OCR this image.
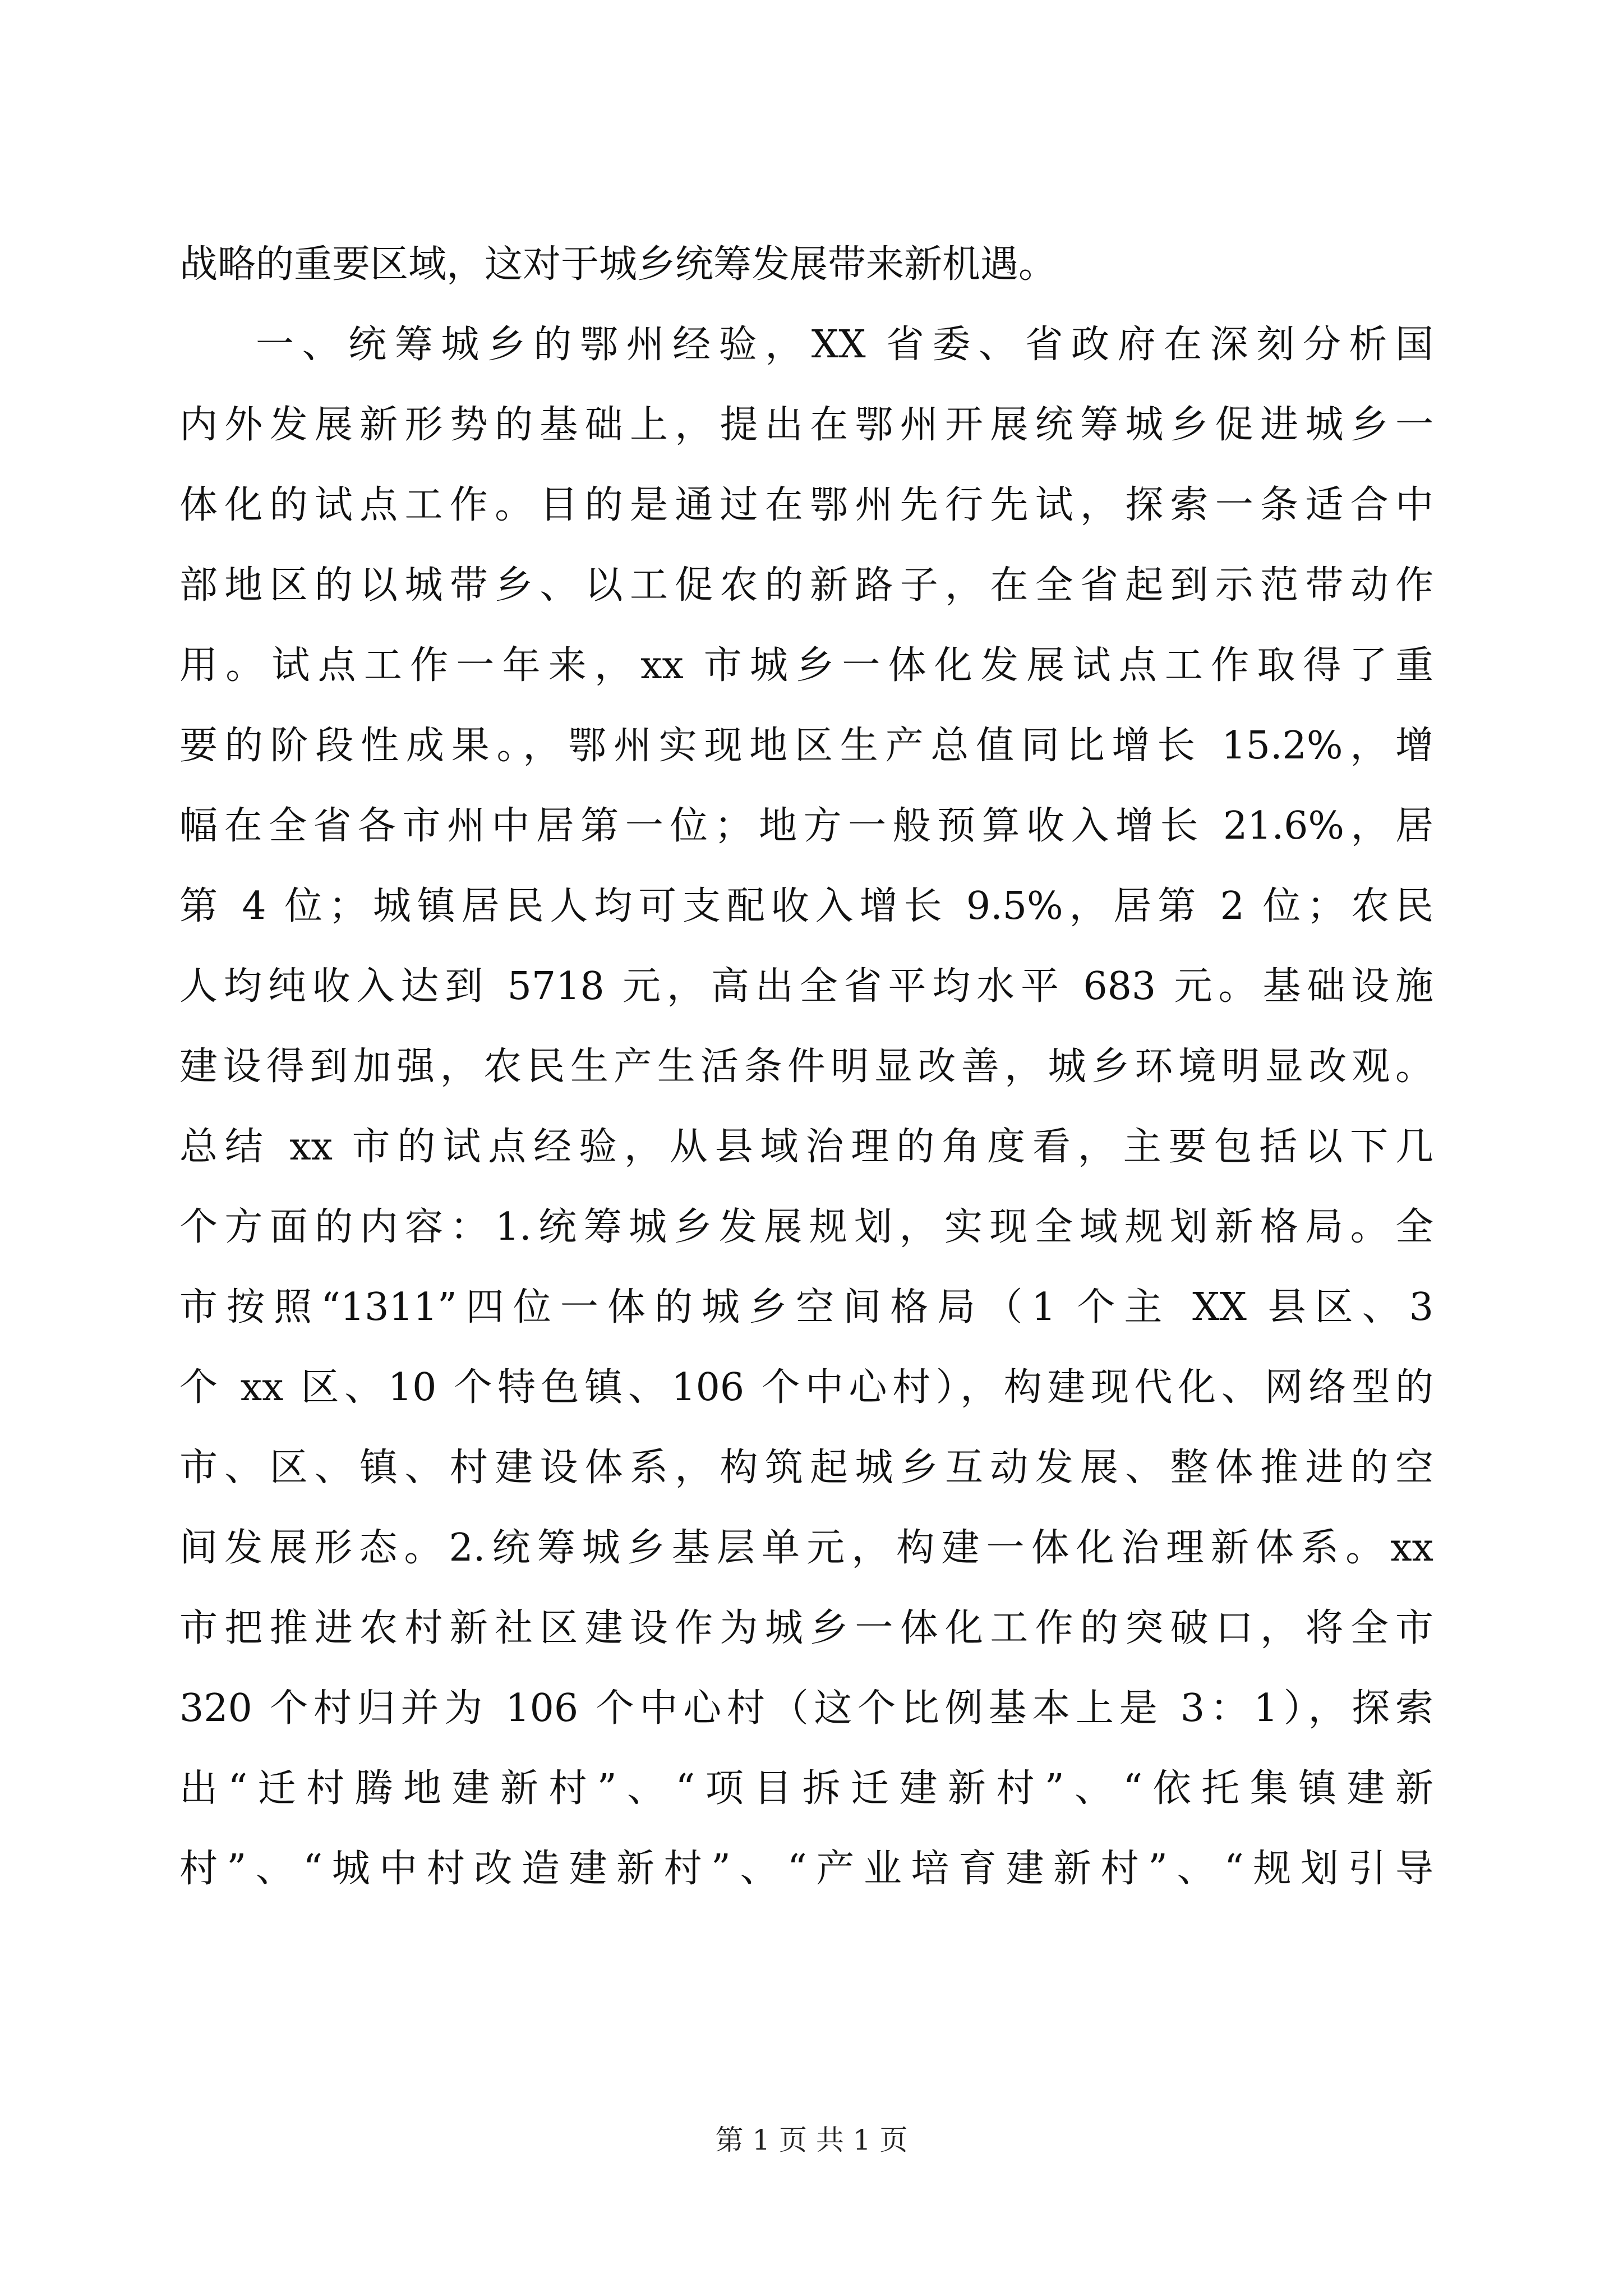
战略的重要区域，这对于城乡统筹发展带来新机遇。
一、统筹城乡的鄂州经验，XX 省委、省政府在深刻分析国
内外发展新形势的基础上，提出在鄂州开展统筹城乡促进城乡一
体化的试点工作。目的是通过在鄂州先行先试，探索一条适合中
部地区的以城带乡、以工促农的新路子，在全省起到示范带动作
用。试点工作一年来，xx 市城乡一体化发展试点工作取得了重
要的阶段性成果。，鄂州实现地区生产总值同比增长 15.2%，增
幅在全省各市州中居第一位；地方一般预算收入增长 21.6%，居
第 4 位；城镇居民人均可支配收入增长 9.5%，居第 2 位；农民
人均纯收入达到 5718 元，高出全省平均水平 683 元。基础设施
建设得到加强，农民生产生活条件明显改善，城乡环境明显改观。
总结 xx 市的试点经验，从县域治理的角度看，主要包括以下几
个方面的内容：1.统筹城乡发展规划，实现全域规划新格局。全
市按照“1311”四位一体的城乡空间格局（1 个主 XX 县区、3
个 xx 区、10 个特色镇、106 个中心村），构建现代化、网络型的
市、区、镇、村建设体系，构筑起城乡互动发展、整体推进的空
间发展形态。2.统筹城乡基层单元，构建一体化治理新体系。xx
市把推进农村新社区建设作为城乡一体化工作的突破口，将全市
320 个村归并为 106 个中心村（这个比例基本上是 3：1），探索
出“迁村腾地建新村”、“项目拆迁建新村”、“依托集镇建新
村”、“城中村改造建新村”、“产业培育建新村”、“规划引导
第 1 页 共 1 页
